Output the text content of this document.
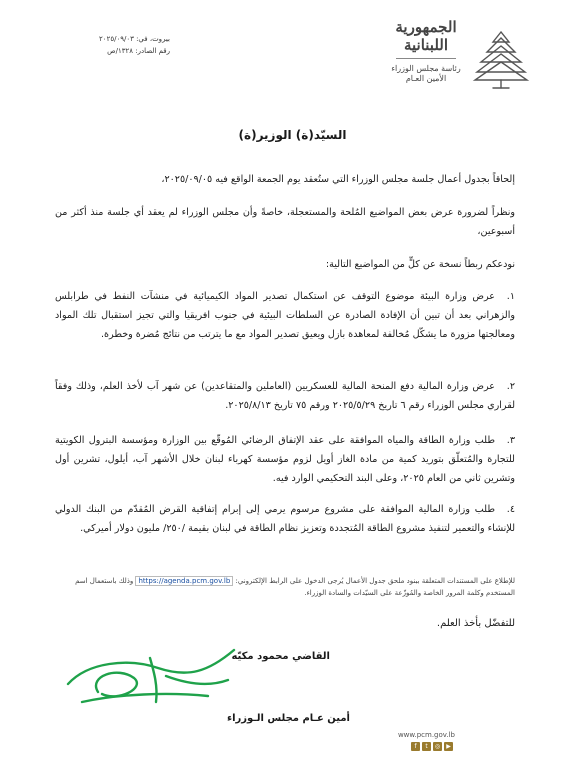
الجمهورية
اللبنانية
رئاسة مجلس الوزراء
الأمين العـام
بيروت، في: ٢٠٢٥/٠٩/٠٣
رقم الصادر: ١٣٢٨/ص
السيّد(ة) الوزير(ة)
إلحاقاً بجدول أعمال جلسة مجلس الوزراء التي ستُعقد يوم الجمعة الواقع فيه ٢٠٢٥/٠٩/٠٥،
ونظراً لضرورة عرض بعض المواضيع المُلحة والمستعجلة، خاصةً وأن مجلس الوزراء لم يعقد أي جلسة منذ أكثر من أسبوعين،
نودعكم ربطاً نسخة عن كلٍّ من المواضيع التالية:
١.عرض وزارة البيئة موضوع التوقف عن استكمال تصدير المواد الكيميائية في منشآت النفط في طرابلس والزهراني بعد أن تبين أن الإفادة الصادرة عن السلطات البيئية في جنوب افريقيا والتي تجيز استقبال تلك المواد ومعالجتها مزورة ما يشكّل مُخالفة لمعاهدة بازل ويعيق تصدير المواد مع ما يترتب من نتائج مُضرة وخطرة.
٢.عرض وزارة المالية دفع المنحة المالية للعسكريين (العاملين والمتقاعدين) عن شهر آب لأخذ العلم، وذلك وفقاً لقراري مجلس الوزراء رقم ٦ تاريخ ٢٠٢٥/٥/٢٩ ورقم ٧٥ تاريخ ٢٠٢٥/٨/١٣.
٣.طلب وزارة الطاقة والمياه الموافقة على عقد الإتفاق الرضائي المُوقّع بين الوزارة ومؤسسة البترول الكويتية للتجارة والمُتعلّق بتوريد كمية من مادة الغاز أويل لزوم مؤسسة كهرباء لبنان خلال الأشهر آب، أيلول، تشرين أول وتشرين ثاني من العام ٢٠٢٥، وعلى البند التحكيمي الوارد فيه.
٤.طلب وزارة المالية الموافقة على مشروع مرسوم يرمي إلى إبرام إتفاقية القرض المُقدّم من البنك الدولي للإنشاء والتعمير لتنفيذ مشروع الطاقة المُتجددة وتعزيز نظام الطاقة في لبنان بقيمة /٢٥٠/ مليون دولار أميركي.
للإطلاع على المستندات المتعلقة ببنود ملحق جدول الأعمال يُرجى الدخول على الرابط الإلكتروني: https://agenda.pcm.gov.lb وذلك باستعمال اسم المستخدم وكلمة المرور الخاصة والمُوزّعة على السيّدات والسادة الوزراء.
للتفضّل بأخذ العلم.
القاضي محمود مكيّه
أمين عـام مجلس الـوزراء
www.pcm.gov.lb
f	t	◎	▶
